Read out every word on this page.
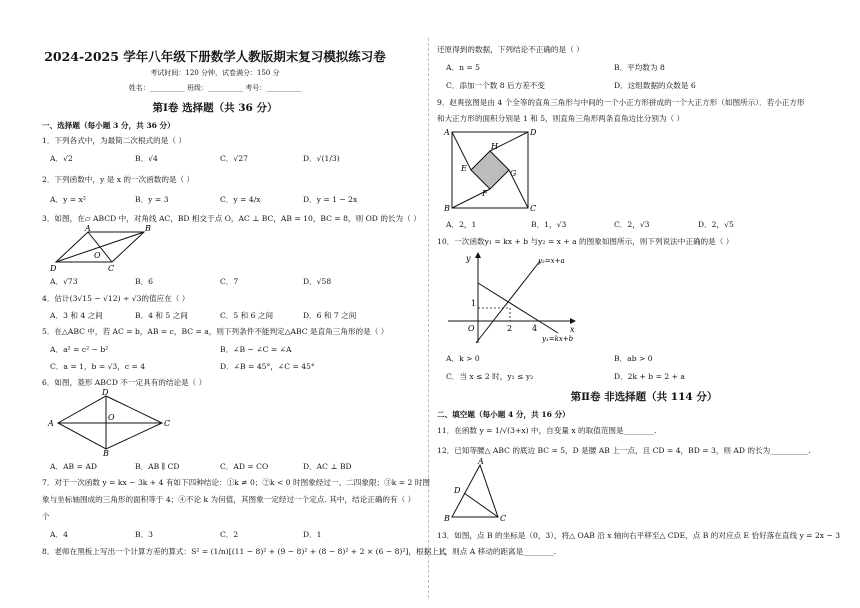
2024-2025 学年八年级下册数学人教版期末复习模拟练习卷
考试时间：120 分钟，试卷满分：150 分
姓名：__________ 班级：__________ 考号：__________
第Ⅰ卷 选择题（共 36 分）
一、选择题（每小题 3 分，共 36 分）
1．下列各式中，为最简二次根式的是（ ）
A．√2	B．√4	C．√27	D．√(1/3)
2．下列函数中，y 是 x 的一次函数的是（ ）
A．y = x²	B．y = 3	C．y = 4/x	D．y = 1 − 2x
3．如图，在▱ ABCD 中，对角线 AC，BD 相交于点 O，AC ⊥ BC，AB = 10，BC = 8，则 OD 的长为（ ）
A	B
C
D
O
A．√73	B．6	C．7	D．√58
4．估计(3√15 − √12) ÷ √3的值应在（ ）
A．3 和 4 之间	B．4 和 5 之间	C．5 和 6 之间	D．6 和 7 之间
5．在△ABC 中，若 AC = b，AB = c，BC = a，则下列条件不能判定△ABC 是直角三角形的是（ ）
A．a² = c² − b²	B．∠B − ∠C = ∠A
C．a = 1，b = √3，c = 4	D．∠B = 45°，∠C = 45°
6．如图，菱形 ABCD 不一定具有的结论是（ ）
A
B
C
D
O
A．AB = AD	B．AB ∥ CD	C．AD = CO	D．AC ⊥ BD
7．对于一次函数 y = kx − 3k + 4 有如下四种结论：①k ≠ 0；②k < 0 时图象经过一、二四象限；③k = 2 时图
象与坐标轴围成的三角形的面积等于 4；④不论 k 为何值，其图象一定经过一个定点. 其中，结论正确的有（ ）
个
A．4	B．3	C．2	D．1
8．老师在黑板上写出一个计算方差的算式：S² = (1/n)[(11 − 8)² + (9 − 8)² + (8 − 8)² + 2 × (6 − 8)²]，根据上式
还原得到的数据，下列结论不正确的是（ ）
A．n = 5	B．平均数为 8
C．添加一个数 8 后方差不变	D．这组数据的众数是 6
9．赵爽弦图是由 4 个全等的直角三角形与中间的一个小正方形拼成的一个大正方形（如图所示）．若小正方形
和大正方形的面积分别是 1 和 5，则直角三角形两条直角边比分别为（ ）
A
B	C
D
E
F
G
H
A．2，1	B．1，√3	C．2，√3	D．2，√5
10．一次函数y₁ = kx + b 与y₂ = x + a 的图象如图所示，则下列说法中正确的是（ ）
y
x
O
1
2 4
y₂=x+a
y₁=kx+b
A．k > 0	B．ab > 0
C．当 x ≤ 2 时，y₁ ≤ y₂	D．2k + b = 2 + a
第Ⅱ卷 非选择题（共 114 分）
二、填空题（每小题 4 分，共 16 分）
11．在函数 y = 1/√(3+x) 中，自变量 x 的取值范围是________.
12．已知等腰△ ABC 的底边 BC = 5，D 是腰 AB 上一点，且 CD = 4，BD = 3，则 AD 的长为__________.
A
B	C
D
13．如图，点 B 的坐标是（0，3），将△ OAB 沿 x 轴向右平移至△ CDE，点 B 的对应点 E 恰好落在直线 y = 2x − 3
上，则点 A 移动的距离是________.
